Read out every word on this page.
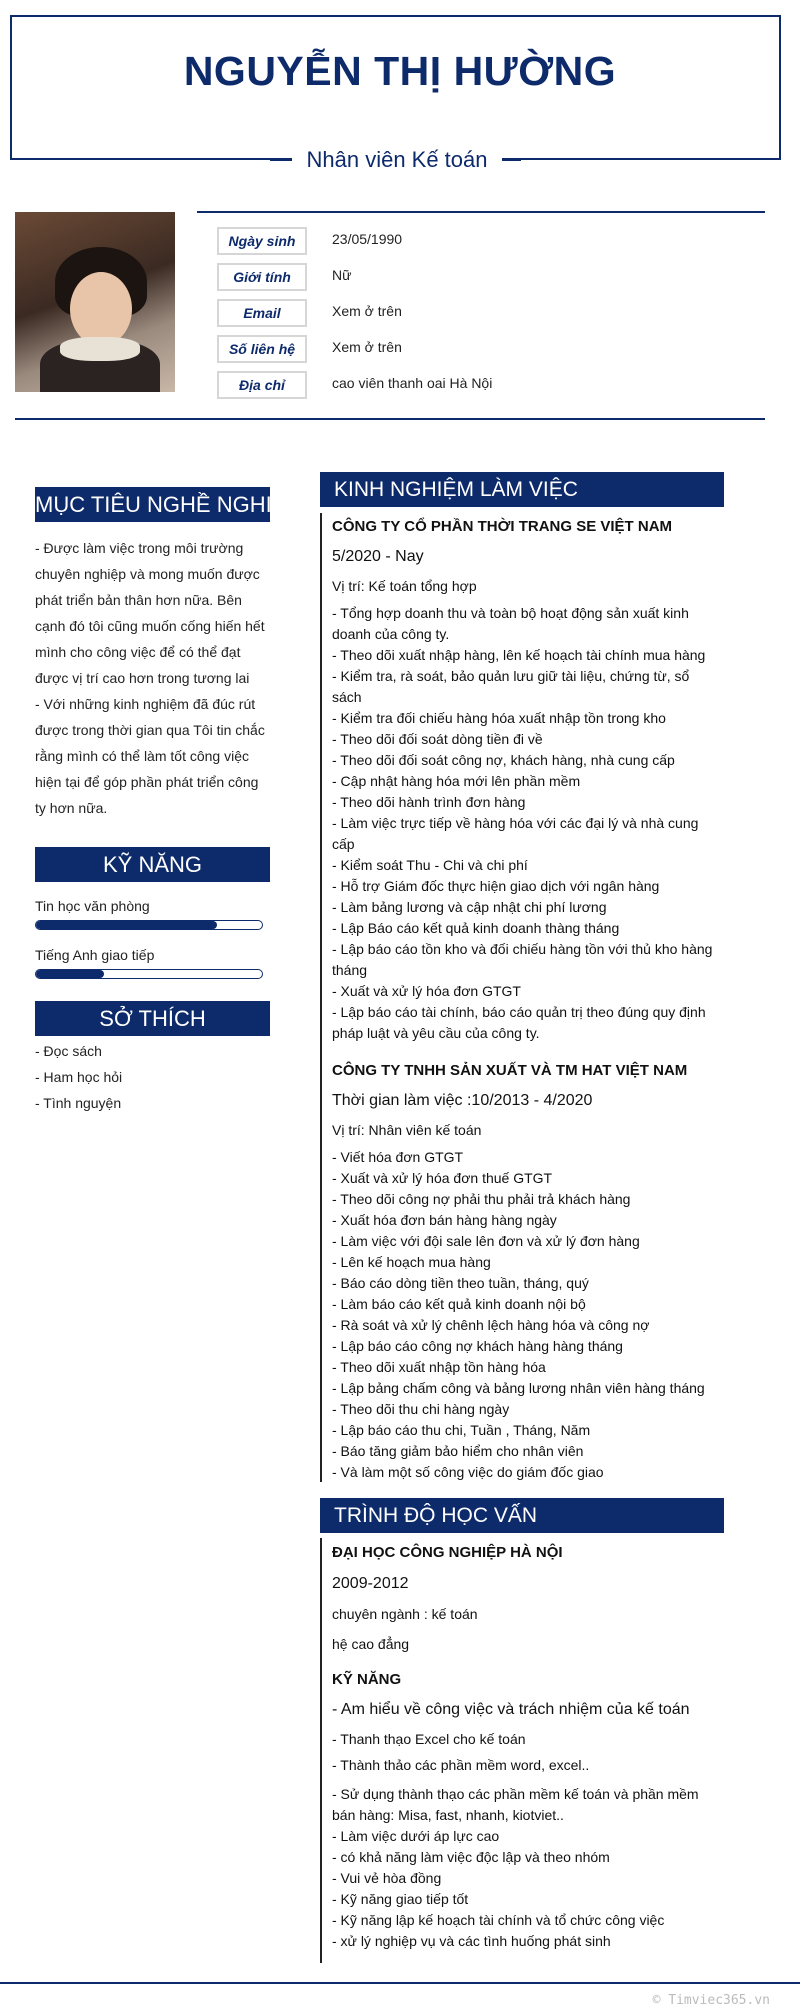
NGUYỄN THỊ HƯỜNG
Nhân viên Kế toán
Ngày sinh	23/05/1990
Giới tính	Nữ
Email	Xem ở trên
Số liên hệ	Xem ở trên
Địa chỉ	cao viên thanh oai Hà Nội
MỤC TIÊU NGHỀ NGHIỆP
- Được làm việc trong môi trường
chuyên nghiệp và mong muốn được
phát triển bản thân hơn nữa. Bên
cạnh đó tôi cũng muốn cống hiến hết
mình cho công việc để có thể đạt
được vị trí cao hơn trong tương lai
- Với những kinh nghiệm đã đúc rút
được trong thời gian qua Tôi tin chắc
rằng mình có thể làm tốt công việc
hiện tại để góp phần phát triển công
ty hơn nữa.
KỸ NĂNG
Tin học văn phòng
Tiếng Anh giao tiếp
SỞ THÍCH
- Đọc sách
- Ham học hỏi
- Tình nguyện
KINH NGHIỆM LÀM VIỆC
CÔNG TY CỔ PHẦN THỜI TRANG SE VIỆT NAM
5/2020 - Nay
Vị trí: Kế toán tổng hợp
- Tổng hợp doanh thu và toàn bộ hoạt động sản xuất kinh doanh của công ty.
- Theo dõi xuất nhập hàng, lên kế hoạch tài chính mua hàng
- Kiểm tra, rà soát, bảo quản lưu giữ tài liệu, chứng từ, sổ sách
- Kiểm tra đối chiếu hàng hóa xuất nhập tồn trong kho
- Theo dõi đối soát dòng tiền đi về
- Theo dõi đối soát công nợ, khách hàng, nhà cung cấp
- Cập nhật hàng hóa mới lên phần mềm
- Theo dõi hành trình đơn hàng
- Làm việc trực tiếp về hàng hóa với các đại lý và nhà cung cấp
- Kiểm soát Thu - Chi và chi phí
- Hỗ trợ Giám đốc thực hiện giao dịch với ngân hàng
- Làm bảng lương và cập nhật chi phí lương
- Lập Báo cáo kết quả kinh doanh thàng tháng
- Lập báo cáo tồn kho và đối chiếu hàng tồn với thủ kho hàng tháng
- Xuất và xử lý hóa đơn GTGT
- Lập báo cáo tài chính, báo cáo quản trị theo đúng quy định pháp luật và yêu cầu của công ty.
CÔNG TY TNHH SẢN XUẤT VÀ TM HAT VIỆT NAM
Thời gian làm việc :10/2013 - 4/2020
Vị trí: Nhân viên kế toán
- Viết hóa đơn GTGT
- Xuất và xử lý hóa đơn thuế GTGT
- Theo dõi công nợ phải thu phải trả khách hàng
- Xuất hóa đơn bán hàng hàng ngày
- Làm việc với đội sale lên đơn và xử lý đơn hàng
- Lên kế hoạch mua hàng
- Báo cáo dòng tiền theo tuần, tháng, quý
- Làm báo cáo kết quả kinh doanh nội bộ
- Rà soát và xử lý chênh lệch hàng hóa và công nợ
- Lập báo cáo công nợ khách hàng hàng tháng
- Theo dõi xuất nhập tồn hàng hóa
- Lập bảng chấm công và bảng lương nhân viên hàng tháng
- Theo dõi thu chi hàng ngày
- Lập báo cáo thu chi, Tuần , Tháng, Năm
- Báo tăng giảm bảo hiểm cho nhân viên
- Và làm một số công việc do giám đốc giao
TRÌNH ĐỘ HỌC VẤN
ĐẠI HỌC CÔNG NGHIỆP HÀ NỘI
2009-2012
chuyên ngành : kế toán
hệ cao đẳng
KỸ NĂNG
- Am hiểu về công việc và trách nhiệm của kế toán
- Thanh thạo Excel cho kế toán
- Thành thảo các phần mềm word, excel..
- Sử dụng thành thạo các phần mềm kế toán và phần mềm bán hàng: Misa, fast, nhanh, kiotviet..
- Làm việc dưới áp lực cao
- có khả năng làm việc độc lập và theo nhóm
- Vui vẻ hòa đồng
- Kỹ năng giao tiếp tốt
- Kỹ năng lập kế hoạch tài chính và tổ chức công việc
- xử lý nghiệp vụ và các tình huống phát sinh
© Timviec365.vn
